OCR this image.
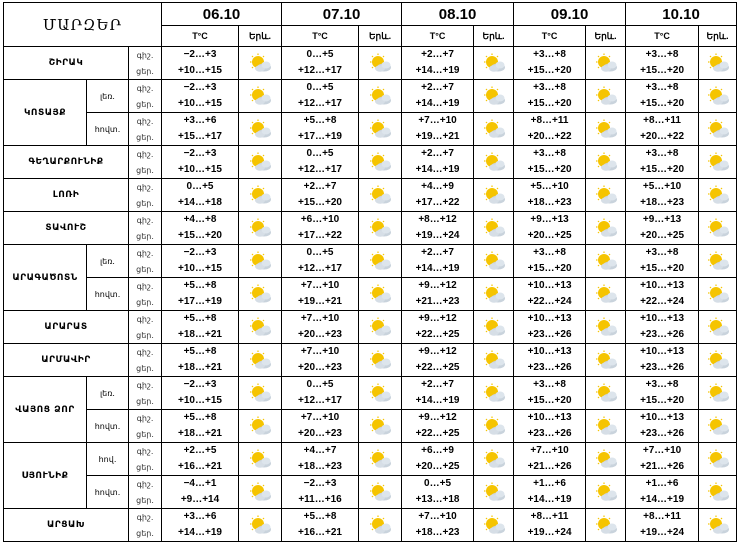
ՄԱՐԶԵՐ			06.10		07.10		08.10		09.10		10.10	
			T°C	Երև.	T°C	Երև.	T°C	Երև.	T°C	Երև.	T°C	Երև.
ՇԻՐԱԿ		գիշ.	−2…+3		0…+5		+2…+7		+3…+8		+3…+8	

		ցեր.	+10…+15		+12…+17		+14…+19		+15…+20		+15…+20	
ԿՈՏԱՅՔ	լեռ.	գիշ.	−2…+3		0…+5		+2…+7		+3…+8		+3…+8	

		ցեր.	+10…+15		+12…+17		+14…+19		+15…+20		+15…+20	
	հովտ.	գիշ.	+3…+6		+5…+8		+7…+10		+8…+11		+8…+11	

		ցեր.	+15…+17		+17…+19		+19…+21		+20…+22		+20…+22	
ԳԵՂԱՐՔՈՒՆԻՔ		գիշ.	−2…+3		0…+5		+2…+7		+3…+8		+3…+8	

		ցեր.	+10…+15		+12…+17		+14…+19		+15…+20		+15…+20	
ԼՈՌԻ		գիշ.	0…+5		+2…+7		+4…+9		+5…+10		+5…+10	

		ցեր.	+14…+18		+15…+20		+17…+22		+18…+23		+18…+23	
ՏԱՎՈՒՇ		գիշ.	+4…+8		+6…+10		+8…+12		+9…+13		+9…+13	

		ցեր.	+15…+20		+17…+22		+19…+24		+20…+25		+20…+25	
ԱՐԱԳԱԾՈՏՆ	լեռ.	գիշ.	−2…+3		0…+5		+2…+7		+3…+8		+3…+8	

		ցեր.	+10…+15		+12…+17		+14…+19		+15…+20		+15…+20	
	հովտ.	գիշ.	+5…+8		+7…+10		+9…+12		+10…+13		+10…+13	

		ցեր.	+17…+19		+19…+21		+21…+23		+22…+24		+22…+24	
ԱՐԱՐԱՏ		գիշ.	+5…+8		+7…+10		+9…+12		+10…+13		+10…+13	

		ցեր.	+18…+21		+20…+23		+22…+25		+23…+26		+23…+26	
ԱՐՄԱՎԻՐ		գիշ.	+5…+8		+7…+10		+9…+12		+10…+13		+10…+13	

		ցեր.	+18…+21		+20…+23		+22…+25		+23…+26		+23…+26	
ՎԱՅՈՑ ՁՈՐ	լեռ.	գիշ.	−2…+3		0…+5		+2…+7		+3…+8		+3…+8	

		ցեր.	+10…+15		+12…+17		+14…+19		+15…+20		+15…+20	
	հովտ.	գիշ.	+5…+8		+7…+10		+9…+12		+10…+13		+10…+13	

		ցեր.	+18…+21		+20…+23		+22…+25		+23…+26		+23…+26	
ՍՅՈՒՆԻՔ	հով.	գիշ.	+2…+5		+4…+7		+6…+9		+7…+10		+7…+10	

		ցեր.	+16…+21		+18…+23		+20…+25		+21…+26		+21…+26	
	հովտ.	գիշ.	−4…+1		−2…+3		0…+5		+1…+6		+1…+6	

		ցեր.	+9…+14		+11…+16		+13…+18		+14…+19		+14…+19	
ԱՐՑԱԽ		գիշ.	+3…+6		+5…+8		+7…+10		+8…+11		+8…+11	

		ցեր.	+14…+19		+16…+21		+18…+23		+19…+24		+19…+24	
